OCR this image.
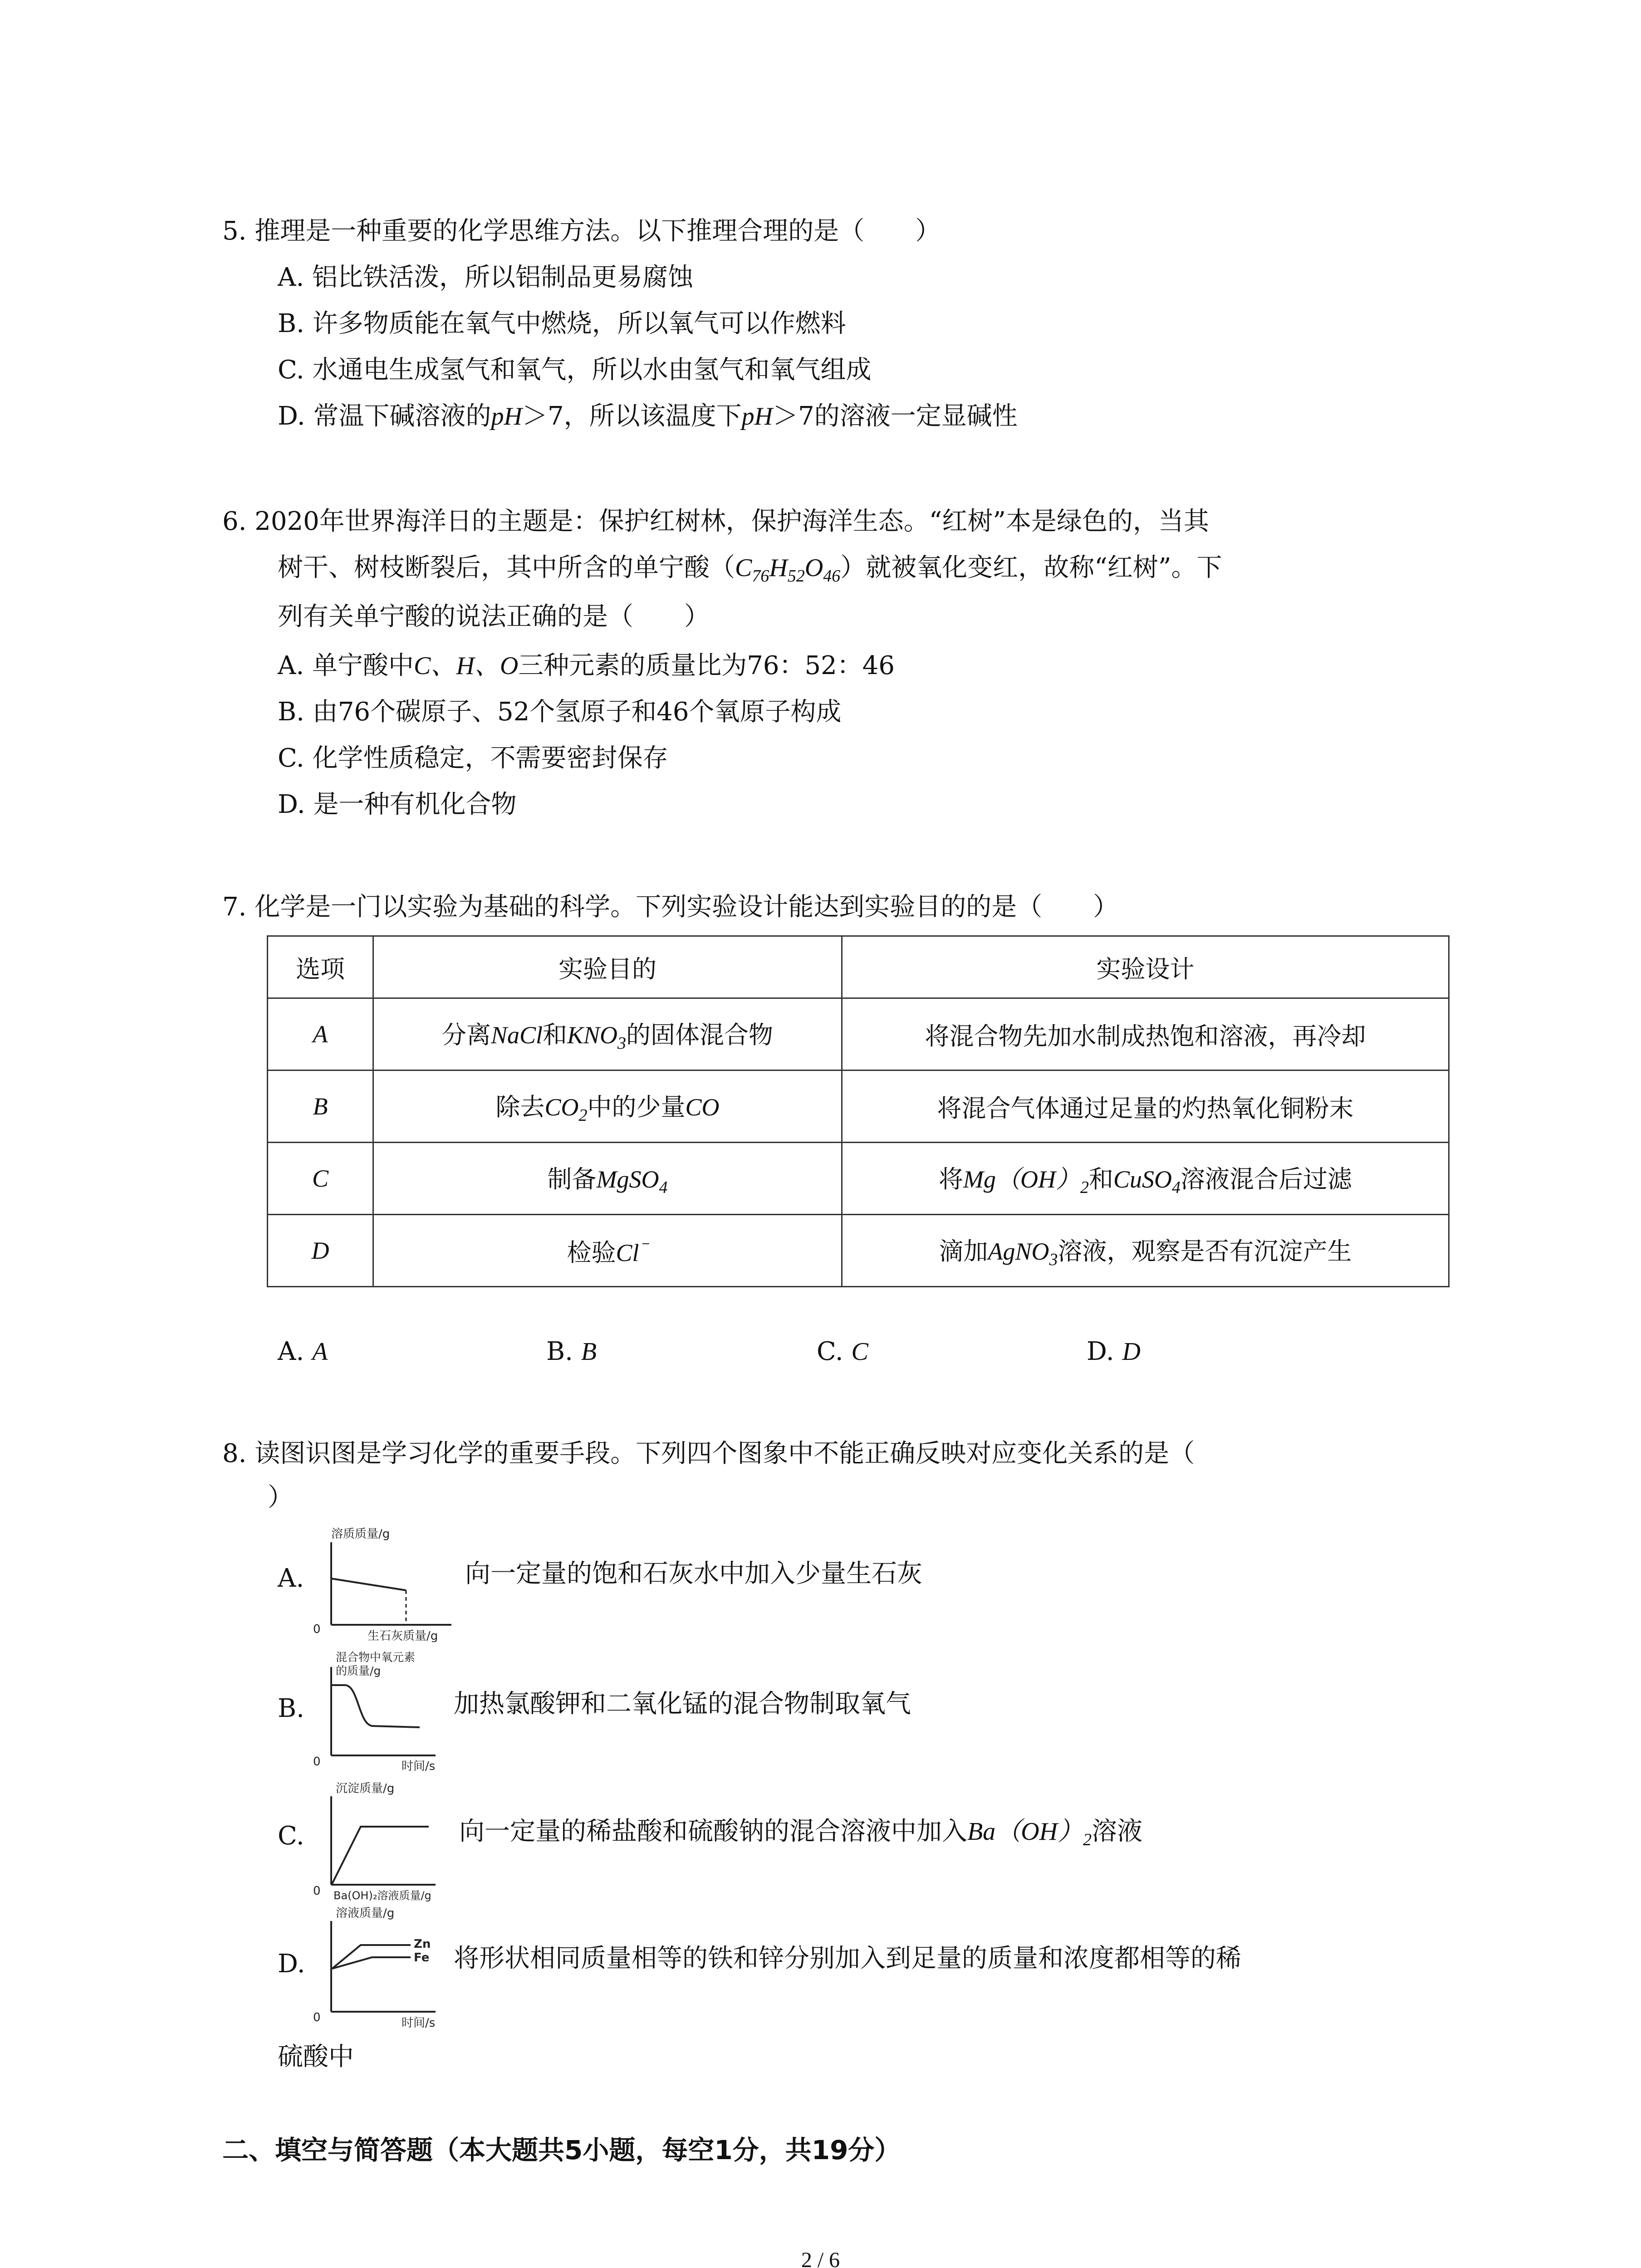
5. 推理是一种重要的化学思维方法。以下推理合理的是（　　）
A. 铝比铁活泼，所以铝制品更易腐蚀
B. 许多物质能在氧气中燃烧，所以氧气可以作燃料
C. 水通电生成氢气和氧气，所以水由氢气和氧气组成
D. 常温下碱溶液的pH＞7，所以该温度下pH＞7的溶液一定显碱性
6. 2020年世界海洋日的主题是：保护红树林，保护海洋生态。“红树”本是绿色的，当其
树干、树枝断裂后，其中所含的单宁酸$(C_{76}H_{52}O_{46})$就被氧化变红，故称“红树”。下
列有关单宁酸的说法正确的是（　　）
A. 单宁酸中C、H、O三种元素的质量比为76：52：46
B. 由76个碳原子、52个氢原子和46个氧原子构成
C. 化学性质稳定，不需要密封保存
D. 是一种有机化合物
7. 化学是一门以实验为基础的科学。下列实验设计能达到实验目的的是（　　）
选项	实验目的	实验设计
A	分离NaCl和$KNO_3$的固体混合物	将混合物先加水制成热饱和溶液，再冷却
B	除去$CO_2$中的少量CO	将混合气体通过足量的灼热氧化铜粉末
C	制备MgSO$_4$	将$Mg(OH)_2$和CuSO$_4$溶液混合后过滤
D	检验Cl⁻	滴加AgNO$_3$溶液，观察是否有沉淀产生
A. A	B. B	C. C	D. D
8. 读图识图是学习化学的重要手段。下列四个图象中不能正确反映对应变化关系的是（
）
A.
溶质质量/g
0	生石灰质量/g
向一定量的饱和石灰水中加入少量生石灰
B.
混合物中氧元素
的质量/g
0	时间/s
加热氯酸钾和二氧化锰的混合物制取氧气
C.
沉淀质量/g
0 Ba(OH)₂溶液质量/g
向一定量的稀盐酸和硫酸钠的混合溶液中加入$Ba(OH)_2$溶液
D.
溶液质量/g
Zn
Fe
0	时间/s
将形状相同质量相等的铁和锌分别加入到足量的质量和浓度都相等的稀
硫酸中
二、填空与简答题（本大题共5小题，每空1分，共19分）
2 / 6
